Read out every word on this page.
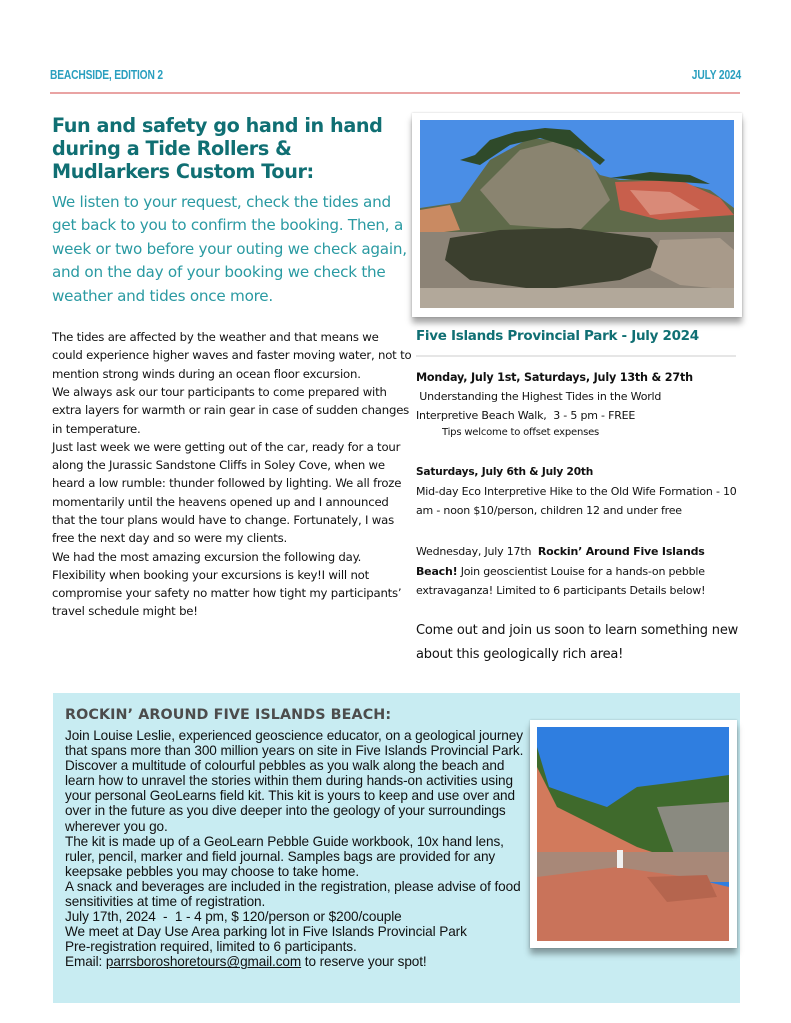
BEACHSIDE, EDITION 2	JULY 2024
Fun and safety go hand in hand during a Tide Rollers & Mudlarkers Custom Tour:

We listen to your request, check the tides and get back to you to confirm the booking. Then, a week or two before your outing we check again, and on the day of your booking we check the weather and tides once more.

The tides are affected by the weather and that means we could experience higher waves and faster moving water, not to mention strong winds during an ocean floor excursion.
We always ask our tour participants to come prepared with extra layers for warmth or rain gear in case of sudden changes in temperature.
Just last week we were getting out of the car, ready for a tour along the Jurassic Sandstone Cliffs in Soley Cove, when we heard a low rumble: thunder followed by lighting. We all froze momentarily until the heavens opened up and I announced that the tour plans would have to change. Fortunately, I was free the next day and so were my clients.
We had the most amazing excursion the following day. Flexibility when booking your excursions is key!I will not compromise your safety no matter how tight my participants’ travel schedule might be!

Five Islands Provincial Park - July 2024

Monday, July 1st, Saturdays, July 13th & 27th

Understanding the Highest Tides in the World

Interpretive Beach Walk,  3 - 5 pm - FREE

Tips welcome to offset expenses

Saturdays, July 6th & July 20th

Mid-day Eco Interpretive Hike to the Old Wife Formation - 10 am - noon $10/person, children 12 and under free

Wednesday, July 17th  Rockin’ Around Five Islands Beach! Join geoscientist Louise for a hands-on pebble extravaganza! Limited to 6 participants Details below!

Come out and join us soon to learn something new about this geologically rich area!

ROCKIN’ AROUND FIVE ISLANDS BEACH:

Join Louise Leslie, experienced geoscience educator, on a geological journey that spans more than 300 million years on site in Five Islands Provincial Park. Discover a multitude of colourful pebbles as you walk along the beach and learn how to unravel the stories within them during hands-on activities using your personal GeoLearns field kit. This kit is yours to keep and use over and over in the future as you dive deeper into the geology of your surroundings wherever you go.

The kit is made up of a GeoLearn Pebble Guide workbook, 10x hand lens, ruler, pencil, marker and field journal. Samples bags are provided for any keepsake pebbles you may choose to take home.

A snack and beverages are included in the registration, please advise of food sensitivities at time of registration.

July 17th, 2024  -  1 - 4 pm, $ 120/person or $200/couple

We meet at Day Use Area parking lot in Five Islands Provincial Park

Pre-registration required, limited to 6 participants.

Email: parrsboroshoretours@gmail.com to reserve your spot!
